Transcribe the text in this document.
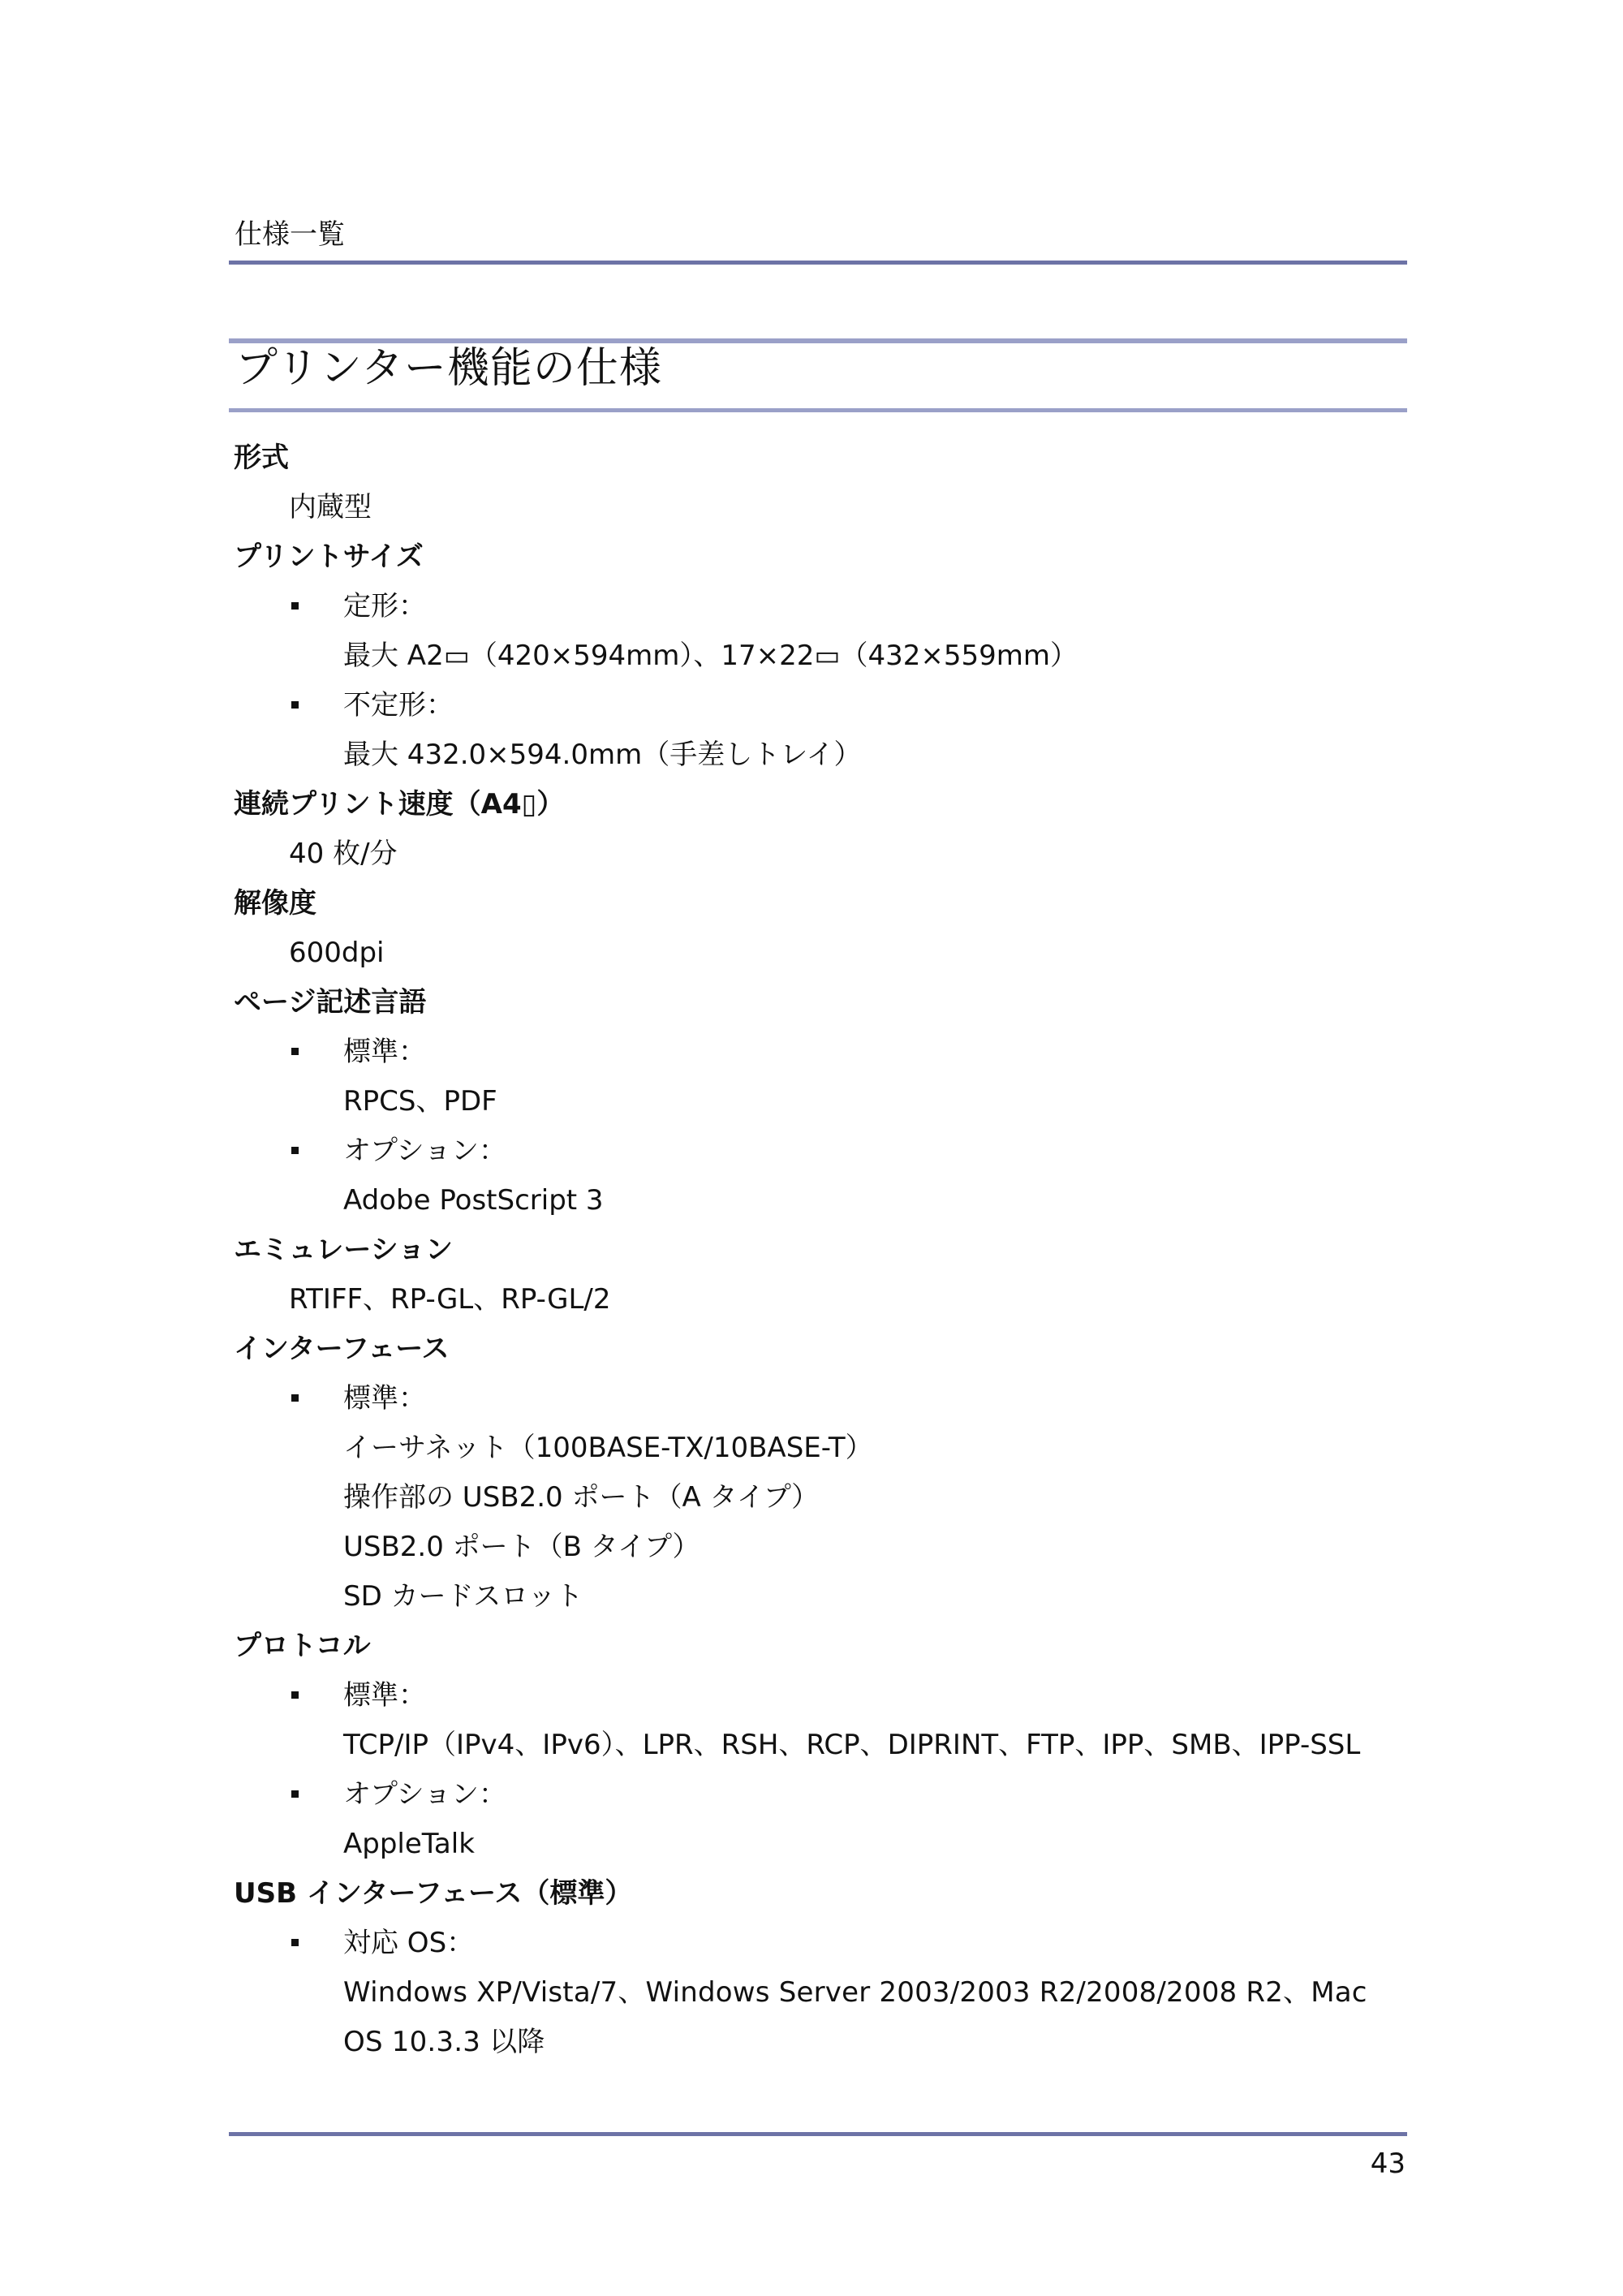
仕様一覧
プリンター機能の仕様
形式
内蔵型
プリントサイズ
定形：
最大 A2▭（420×594mm）、17×22▭（432×559mm）
不定形：
最大 432.0×594.0mm（手差しトレイ）
連続プリント速度（A4▯）
40 枚/分
解像度
600dpi
ページ記述言語
標準：
RPCS、PDF
オプション：
Adobe PostScript 3
エミュレーション
RTIFF、RP-GL、RP-GL/2
インターフェース
標準：
イーサネット（100BASE-TX/10BASE-T）
操作部の USB2.0 ポート（A タイプ）
USB2.0 ポート（B タイプ）
SD カードスロット
プロトコル
標準：
TCP/IP（IPv4、IPv6）、LPR、RSH、RCP、DIPRINT、FTP、IPP、SMB、IPP-SSL
オプション：
AppleTalk
USB インターフェース（標準）
対応 OS：
Windows XP/Vista/7、Windows Server 2003/2003 R2/2008/2008 R2、Mac OS 10.3.3 以降
43
